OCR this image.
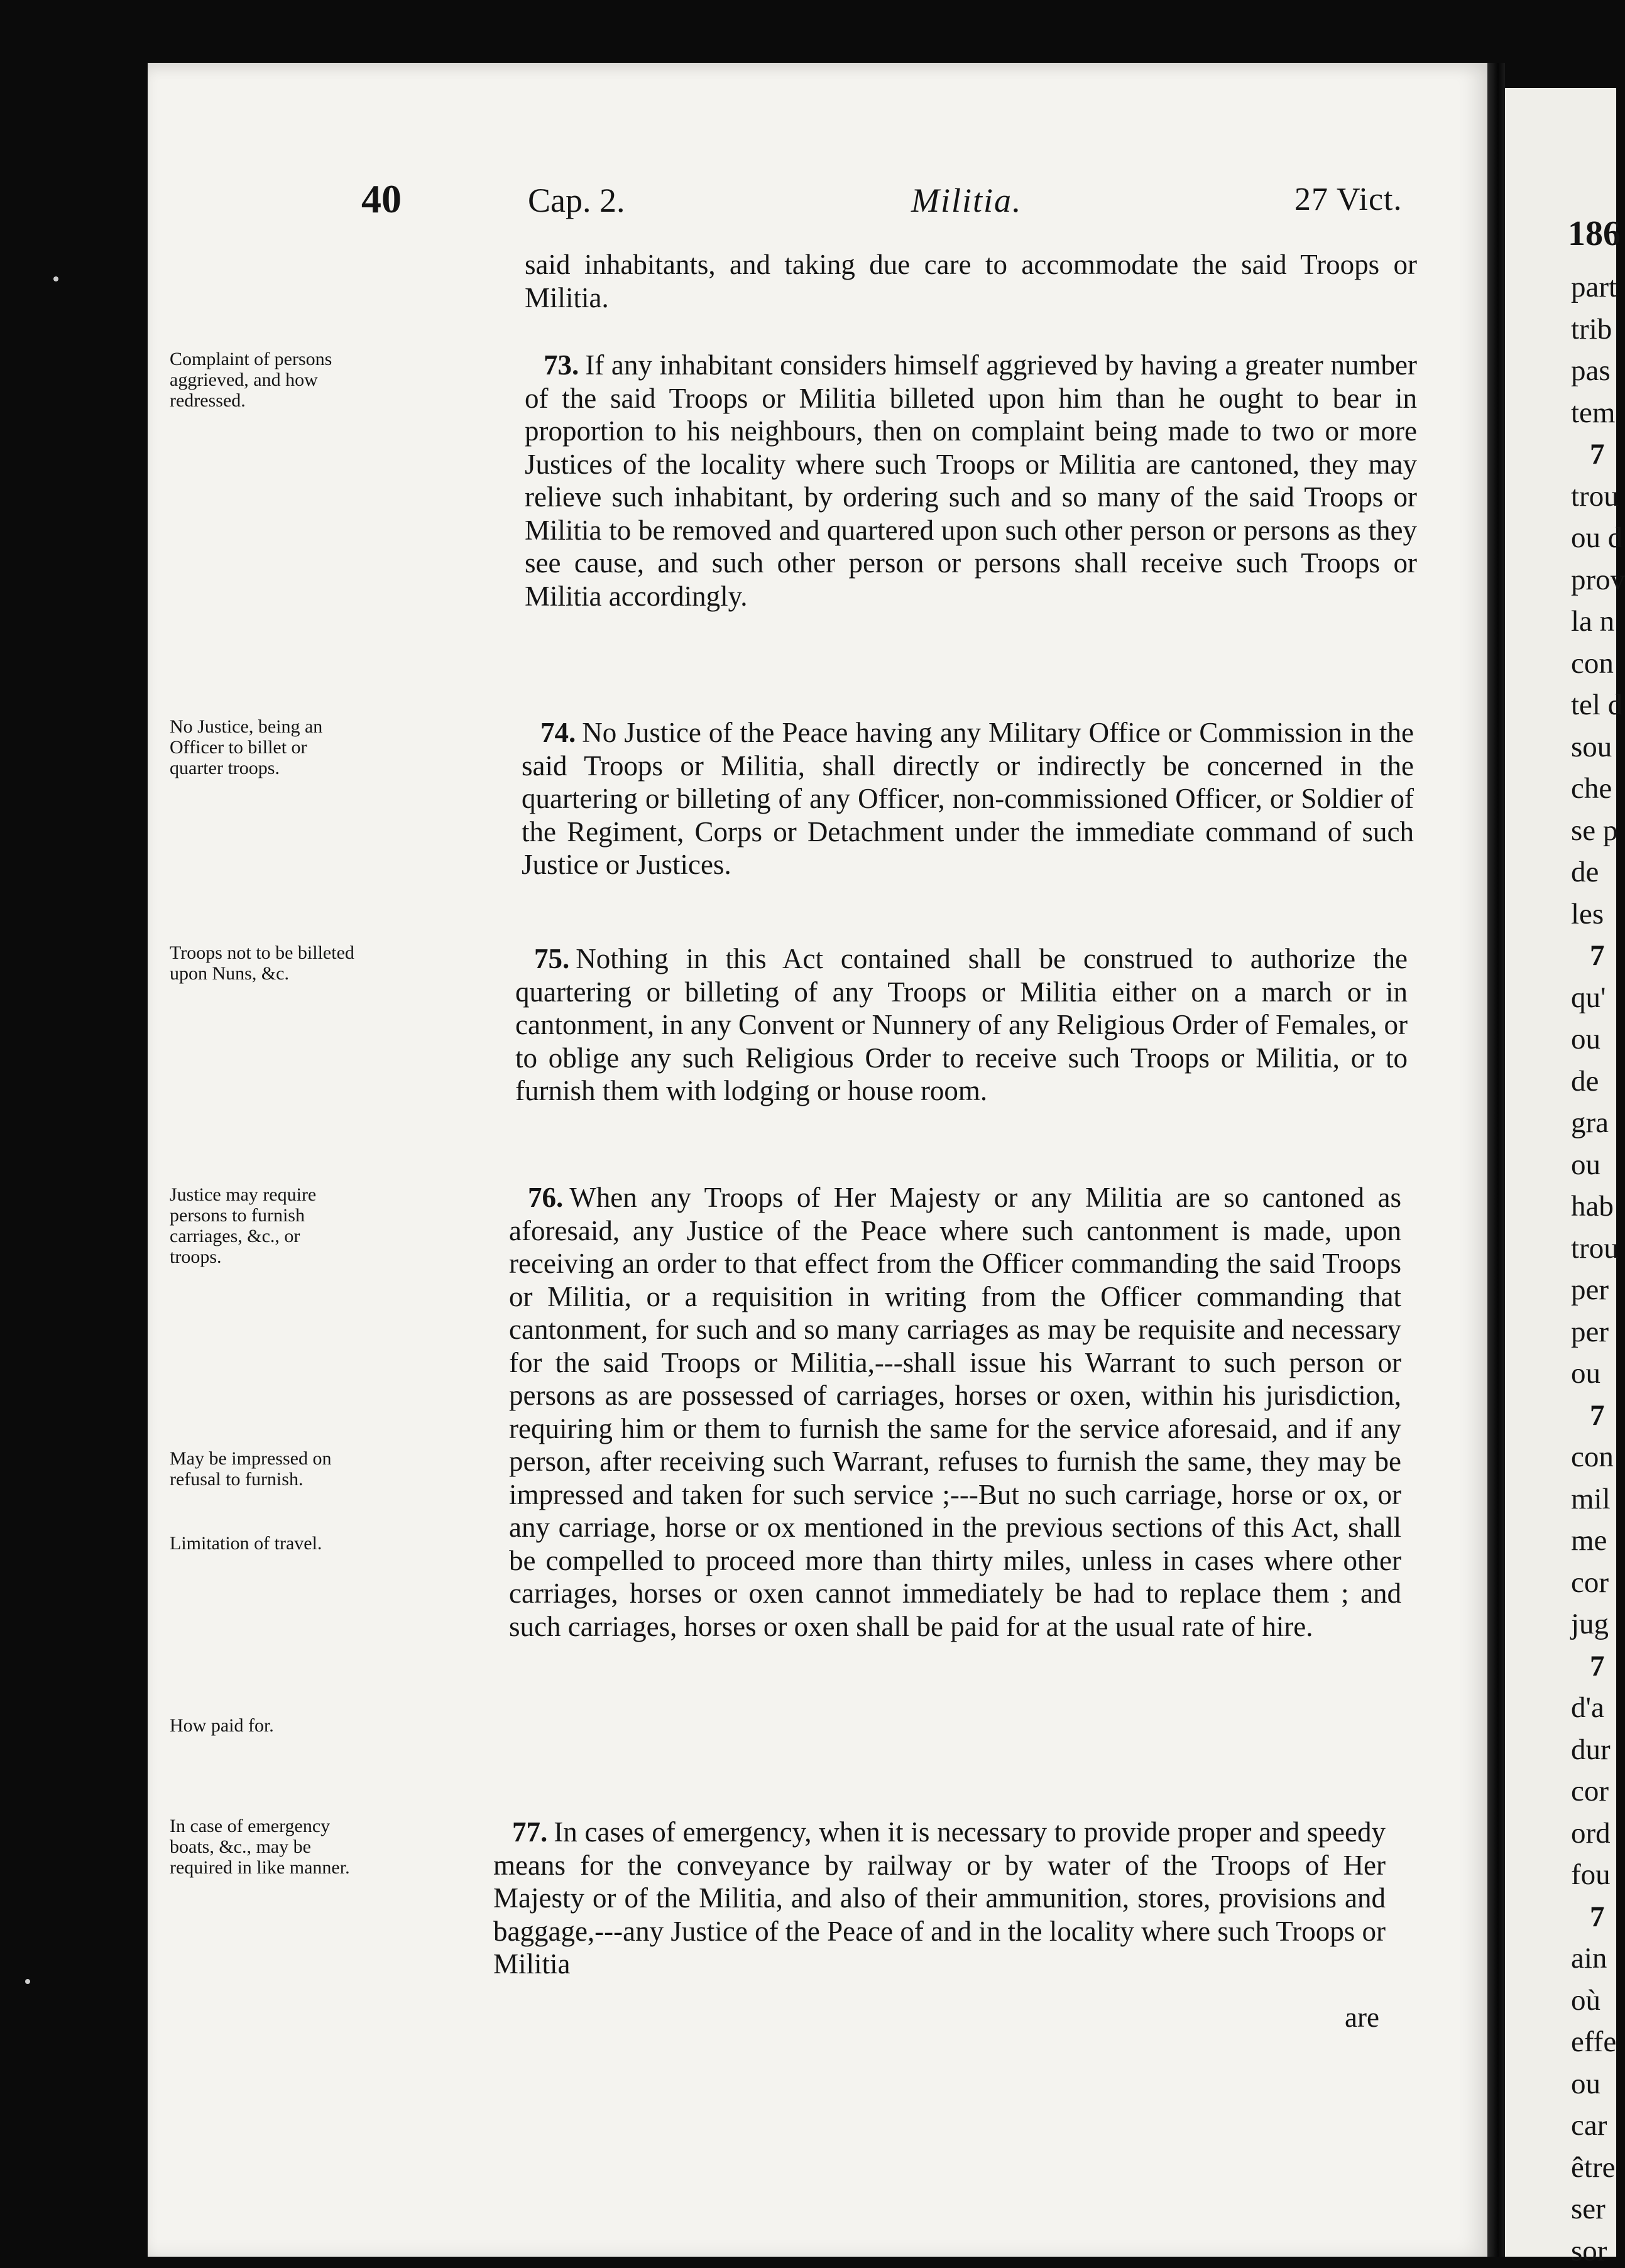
186
part
trib
pas
tem
7
trou
ou d
prov
la n
con
tel d
sou
che
se p
de
les
7
qu'
ou
de
gra
ou
hab
trou
per
per
ou
7
con
mil
me
cor
jug
7
d'a
dur
cor
ord
fou
7
ain
où
effe
ou
car
être
ser
sor
40	Cap. 2.	Militia.	27 Vict.
said inhabitants, and taking due care to accommodate the said Troops or Militia.
Complaint of persons aggrieved, and how redressed.
73. If any inhabitant considers himself aggrieved by having a greater number of the said Troops or Militia billeted upon him than he ought to bear in proportion to his neighbours, then on complaint being made to two or more Justices of the locality where such Troops or Militia are cantoned, they may relieve such inhabitant, by ordering such and so many of the said Troops or Militia to be removed and quartered upon such other person or persons as they see cause, and such other person or persons shall receive such Troops or Militia accordingly.
No Justice, being an Officer to billet or quarter troops.
74. No Justice of the Peace having any Military Office or Commission in the said Troops or Militia, shall directly or indirectly be concerned in the quartering or billeting of any Officer, non-commissioned Officer, or Soldier of the Regiment, Corps or Detachment under the immediate command of such Justice or Justices.
Troops not to be billeted upon Nuns, &c.	75. Nothing in this Act contained shall be construed to authorize the quartering or billeting of any Troops or Militia either on a march or in cantonment, in any Convent or Nunnery of any Religious Order of Females, or to oblige any such Religious Order to receive such Troops or Militia, or to furnish them with lodging or house room.
Justice may require persons to furnish carriages, &c., or troops.
May be impressed on refusal to furnish.
Limitation of travel.
How paid for.
76. When any Troops of Her Majesty or any Militia are so cantoned as aforesaid, any Justice of the Peace where such cantonment is made, upon receiving an order to that effect from the Officer commanding the said Troops or Militia, or a requisition in writing from the Officer commanding that cantonment, for such and so many carriages as may be requisite and necessary for the said Troops or Militia,---shall issue his Warrant to such person or persons as are possessed of carriages, horses or oxen, within his jurisdiction, requiring him or them to furnish the same for the service aforesaid, and if any person, after receiving such Warrant, refuses to furnish the same, they may be impressed and taken for such service ;---But no such carriage, horse or ox, or any carriage, horse or ox mentioned in the previous sections of this Act, shall be compelled to proceed more than thirty miles, unless in cases where other carriages, horses or oxen cannot immediately be had to replace them ; and such carriages, horses or oxen shall be paid for at the usual rate of hire.
In case of emergency boats, &c., may be required in like manner.
77. In cases of emergency, when it is necessary to provide proper and speedy means for the conveyance by railway or by water of the Troops of Her Majesty or of the Militia, and also of their ammunition, stores, provisions and baggage,---any Justice of the Peace of and in the locality where such Troops or Militia
are
